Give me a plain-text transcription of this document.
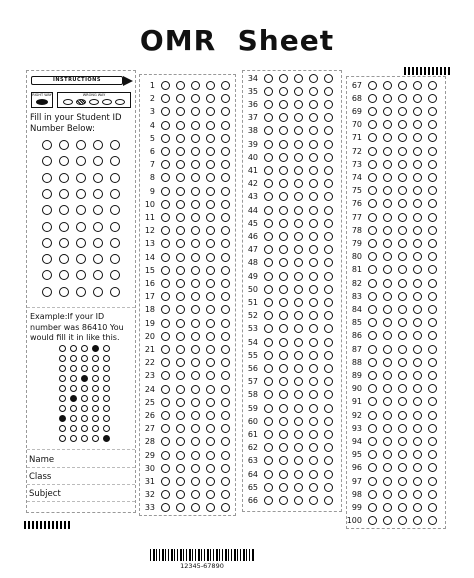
OMR  Sheet
INSTRUCTIONS
RIGHT WAY	WRONG WAY
Fill in your Student ID Number Below:
Example:If your ID number was 86410 You would fill it in like this.
Name
Class
Subject
1
2
3
4
5
6
7
8
9
10
11
12
13
14
15
16
17
18
19
20
21
22
23
24
25
26
27
28
29
30
31
32
33
34
35
36
37
38
39
40
41
42
43
44
45
46
47
48
49
50
51
52
53
54
55
56
57
58
59
60
61
62
63
64
65
66
67
68
69
70
71
72
73
74
75
76
77
78
79
80
81
82
83
84
85
86
87
88
89
90
91
92
93
94
95
96
97
98
99
100
12345-67890
